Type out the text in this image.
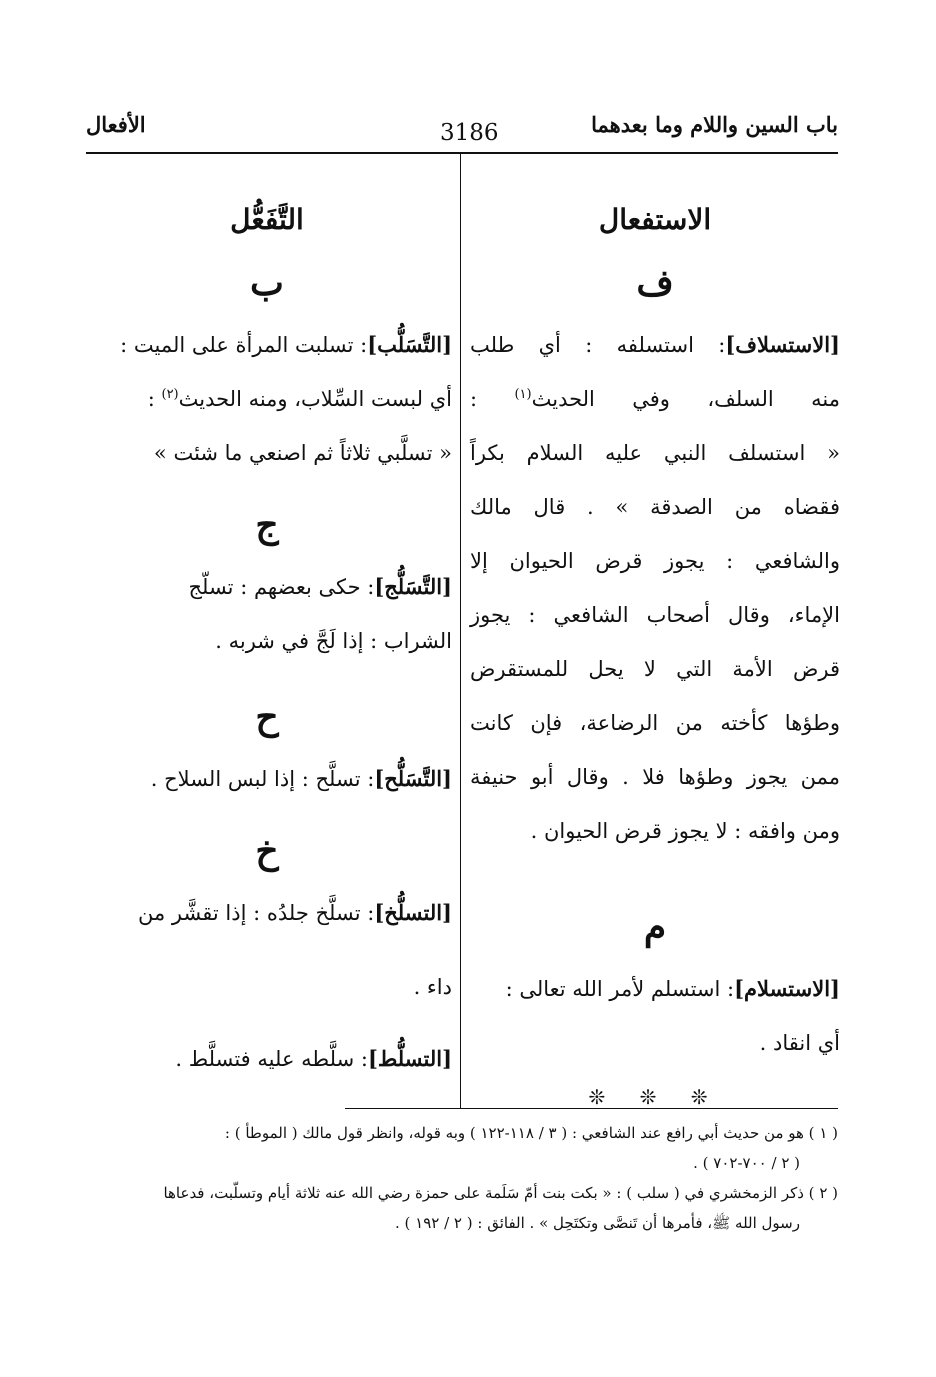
باب السين واللام وما بعدهما
3186
الأفعال
الاستفعال
ف

[الاستسلاف]: استسلفه : أي طلب

منه السلف، وفي الحديث$^{(١)}$ :

« استسلف النبي عليه السلام بكراً

فقضاه من الصدقة » . قال مالك

والشافعي : يجوز قرض الحيوان إلا

الإماء، وقال أصحاب الشافعي : يجوز

قرض الأمة التي لا يحل للمستقرض

وطؤها كأخته من الرضاعة، فإن كانت

ممن يجوز وطؤها فلا . وقال أبو حنيفة

ومن وافقه : لا يجوز قرض الحيوان .

م

[الاستسلام]: استسلم لأمر الله تعالى :

أي انقاد .

❊ ❊ ❊

التَّفَعُّل
ب

[التَّسَلُّب]: تسلبت المرأة على الميت :

أي لبست السِّلاب، ومنه الحديث$^{(٢)}$ :

« تسلَّبي ثلاثاً ثم اصنعي ما شئت »

ج

[التَّسَلُّج]: حكى بعضهم : تسلّج

الشراب : إذا لَجَّ في شربه .

ح

[التَّسَلُّح]: تسلَّح : إذا لبس السلاح .

خ

[التسلُّخ]: تسلَّخ جلدُه : إذا تقشَّر من

داء .

[التسلُّط]: سلَّطه عليه فتسلَّط .

( ١ ) هو من حديث أبي رافع عند الشافعي : ( ٣ / ١١٨-١٢٢ ) وبه قوله، وانظر قول مالك ( الموطأ ) :

( ٢ / ٧٠٠-٧٠٢ ) .

( ٢ ) ذكر الزمخشري في ( سلب ) : « بكت بنت أمّ سَلَمة على حمزة رضي الله عنه ثلاثة أيام وتسلّبت، فدعاها

رسول الله ﷺ، فأمرها أن تَنصَّى وتكتَحِل » . الفائق : ( ٢ / ١٩٢ ) .
